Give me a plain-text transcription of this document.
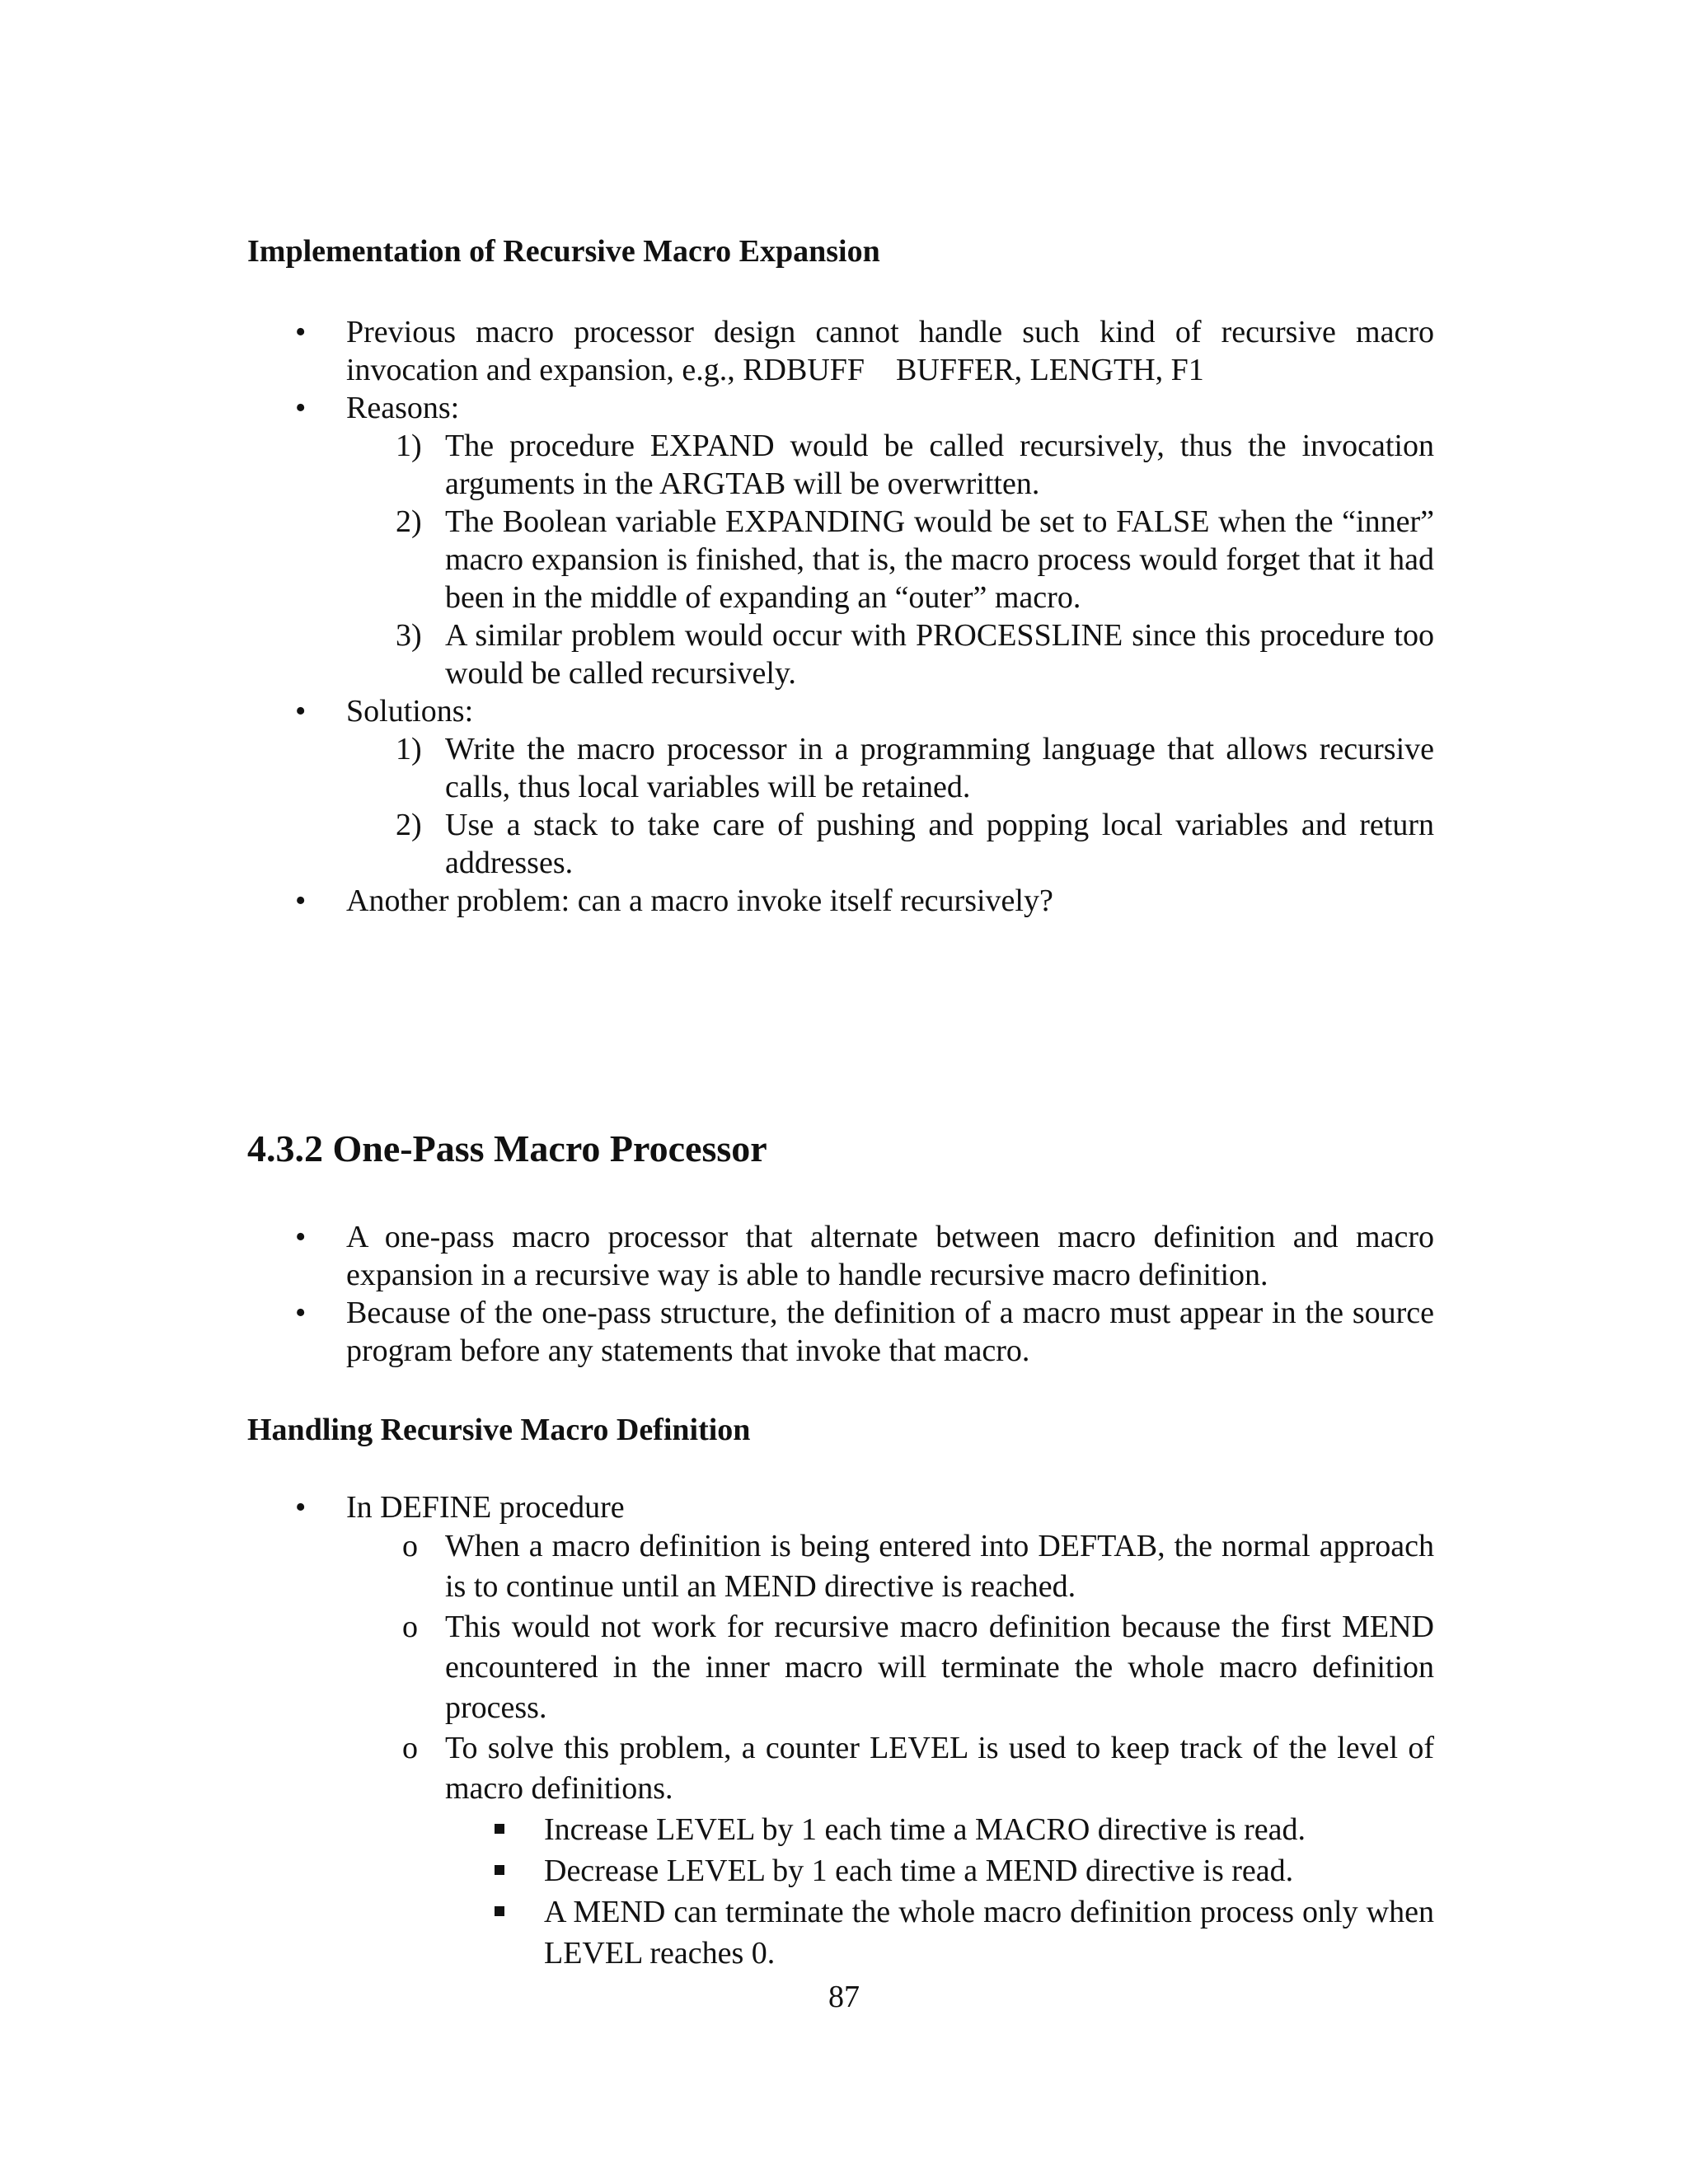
Implementation of Recursive Macro Expansion
•	Previous macro processor design cannot handle such kind of recursive macro invocation and expansion, e.g., RDBUFF BUFFER, LENGTH, F1
•	Reasons:
1) The procedure EXPAND would be called recursively, thus the invocation arguments in the ARGTAB will be overwritten.
2) The Boolean variable EXPANDING would be set to FALSE when the “inner” macro expansion is finished, that is, the macro process would forget that it had been in the middle of expanding an “outer” macro.
3) A similar problem would occur with PROCESSLINE since this procedure too would be called recursively.
•	Solutions:
1) Write the macro processor in a programming language that allows recursive calls, thus local variables will be retained.
2) Use a stack to take care of pushing and popping local variables and return addresses.
•	Another problem: can a macro invoke itself recursively?
4.3.2 One-Pass Macro Processor
•	A one-pass macro processor that alternate between macro definition and macro expansion in a recursive way is able to handle recursive macro definition.
•	Because of the one-pass structure, the definition of a macro must appear in the source program before any statements that invoke that macro.
Handling Recursive Macro Definition
•	In DEFINE procedure
o When a macro definition is being entered into DEFTAB, the normal approach is to continue until an MEND directive is reached.
o This would not work for recursive macro definition because the first MEND encountered in the inner macro will terminate the whole macro definition process.
o To solve this problem, a counter LEVEL is used to keep track of the level of macro definitions.
Increase LEVEL by 1 each time a MACRO directive is read.
Decrease LEVEL by 1 each time a MEND directive is read.
A MEND can terminate the whole macro definition process only when LEVEL reaches 0.
87
